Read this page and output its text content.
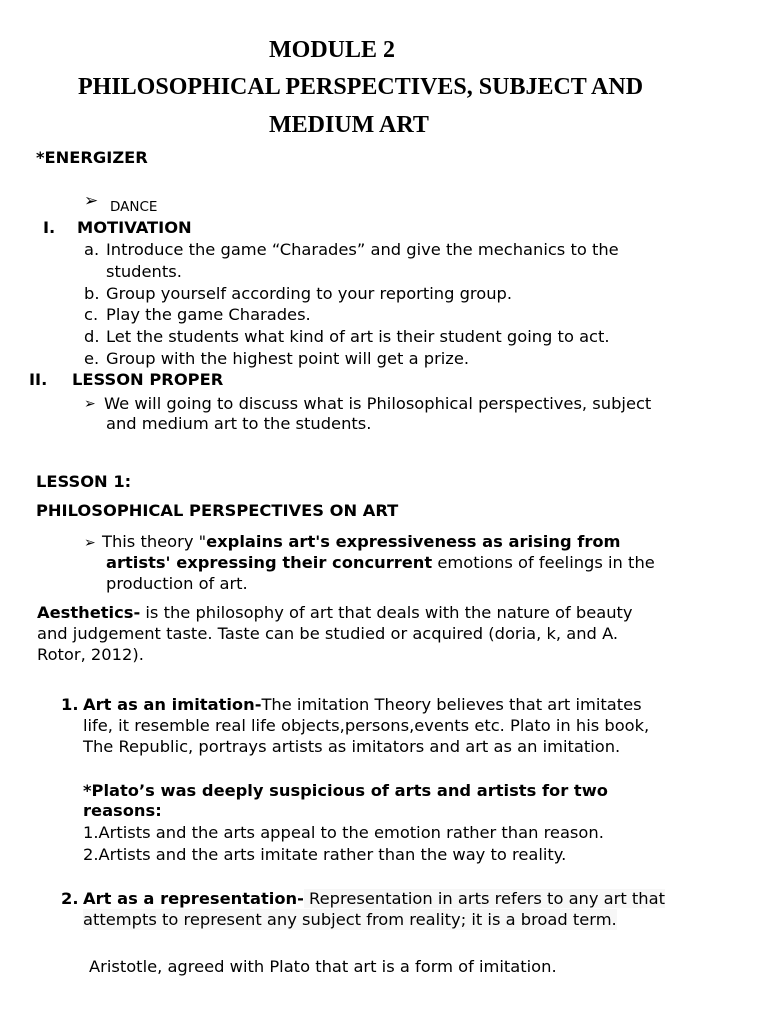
MODULE 2
PHILOSOPHICAL PERSPECTIVES, SUBJECT AND
MEDIUM ART
*ENERGIZER
➢ DANCE
I. MOTIVATION
a. Introduce the game “Charades” and give the mechanics to the
students.
b. Group yourself according to your reporting group.
c. Play the game Charades.
d. Let the students what kind of art is their student going to act.
e. Group with the highest point will get a prize.
II. LESSON PROPER
➢ We will going to discuss what is Philosophical perspectives, subject
and medium art to the students.
LESSON 1:
PHILOSOPHICAL PERSPECTIVES ON ART
➢ This theory "explains art's expressiveness as arising from
artists' expressing their concurrent emotions of feelings in the
production of art.
Aesthetics- is the philosophy of art that deals with the nature of beauty
and judgement taste. Taste can be studied or acquired (doria, k, and A.
Rotor, 2012).
1. Art as an imitation-The imitation Theory believes that art imitates
life, it resemble real life objects,persons,events etc. Plato in his book,
The Republic, portrays artists as imitators and art as an imitation.
*Plato’s was deeply suspicious of arts and artists for two
reasons:
1.Artists and the arts appeal to the emotion rather than reason.
2.Artists and the arts imitate rather than the way to reality.
2. Art as a representation- Representation in arts refers to any art that
attempts to represent any subject from reality; it is a broad term.
Aristotle, agreed with Plato that art is a form of imitation.
